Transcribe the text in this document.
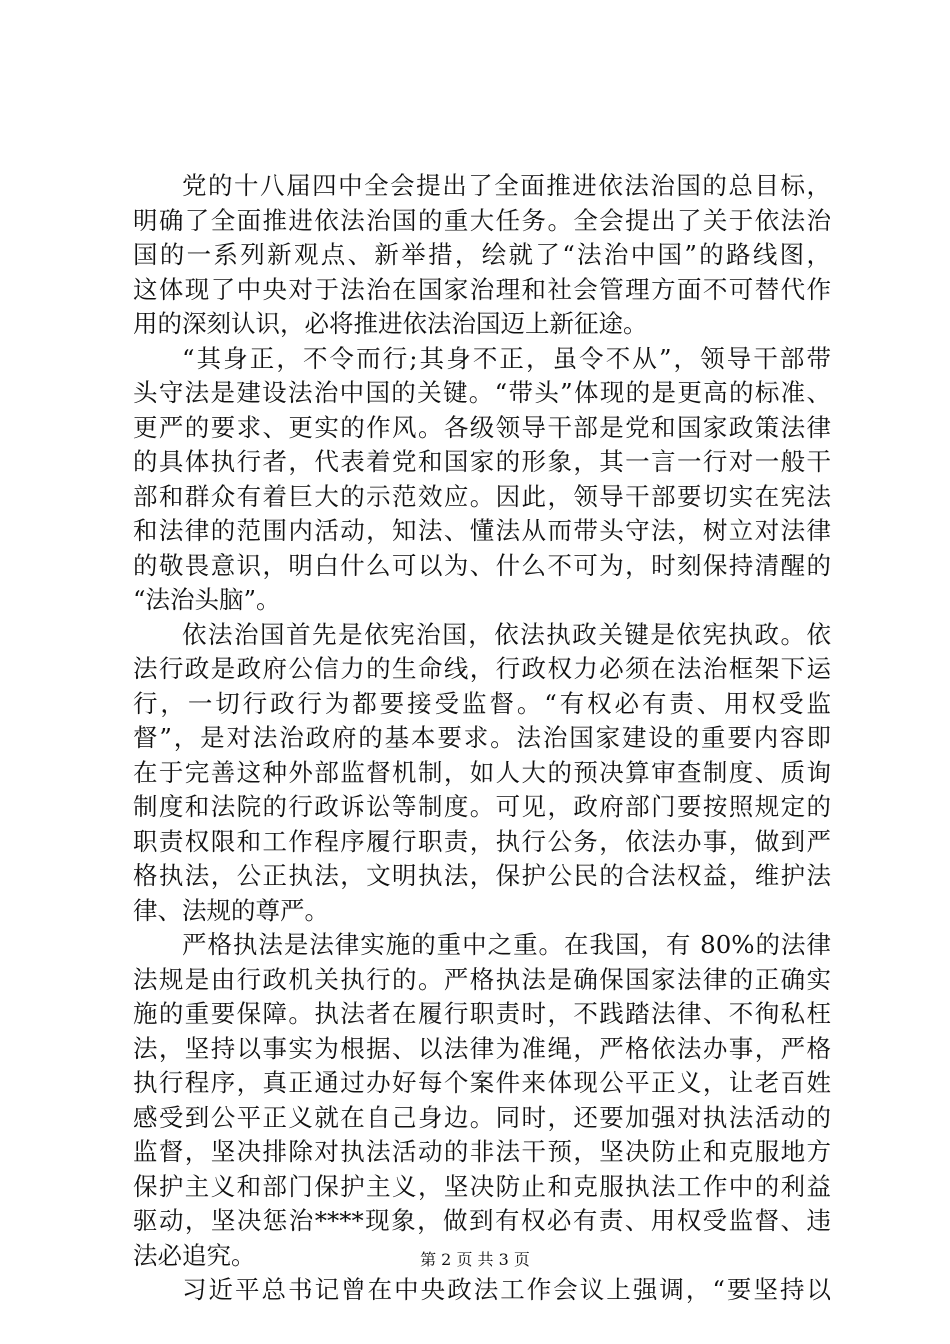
党的十八届四中全会提出了全面推进依法治国的总目标，
明确了全面推进依法治国的重大任务。全会提出了关于依法治
国的一系列新观点、新举措，绘就了“法治中国”的路线图，
这体现了中央对于法治在国家治理和社会管理方面不可替代作
用的深刻认识，必将推进依法治国迈上新征途。
“其身正，不令而行;其身不正，虽令不从”，领导干部带
头守法是建设法治中国的关键。“带头”体现的是更高的标准、
更严的要求、更实的作风。各级领导干部是党和国家政策法律
的具体执行者，代表着党和国家的形象，其一言一行对一般干
部和群众有着巨大的示范效应。因此，领导干部要切实在宪法
和法律的范围内活动，知法、懂法从而带头守法，树立对法律
的敬畏意识，明白什么可以为、什么不可为，时刻保持清醒的
“法治头脑”。
依法治国首先是依宪治国，依法执政关键是依宪执政。依
法行政是政府公信力的生命线，行政权力必须在法治框架下运
行，一切行政行为都要接受监督。“有权必有责、用权受监
督”，是对法治政府的基本要求。法治国家建设的重要内容即
在于完善这种外部监督机制，如人大的预决算审查制度、质询
制度和法院的行政诉讼等制度。可见，政府部门要按照规定的
职责权限和工作程序履行职责，执行公务，依法办事，做到严
格执法，公正执法，文明执法，保护公民的合法权益，维护法
律、法规的尊严。
严格执法是法律实施的重中之重。在我国，有 80%的法律
法规是由行政机关执行的。严格执法是确保国家法律的正确实
施的重要保障。执法者在履行职责时，不践踏法律、不徇私枉
法，坚持以事实为根据、以法律为准绳，严格依法办事，严格
执行程序，真正通过办好每个案件来体现公平正义，让老百姓
感受到公平正义就在自己身边。同时，还要加强对执法活动的
监督，坚决排除对执法活动的非法干预，坚决防止和克服地方
保护主义和部门保护主义，坚决防止和克服执法工作中的利益
驱动，坚决惩治****现象，做到有权必有责、用权受监督、违
法必追究。
习近平总书记曾在中央政法工作会议上强调，“要坚持以
第 2 页 共 3 页
